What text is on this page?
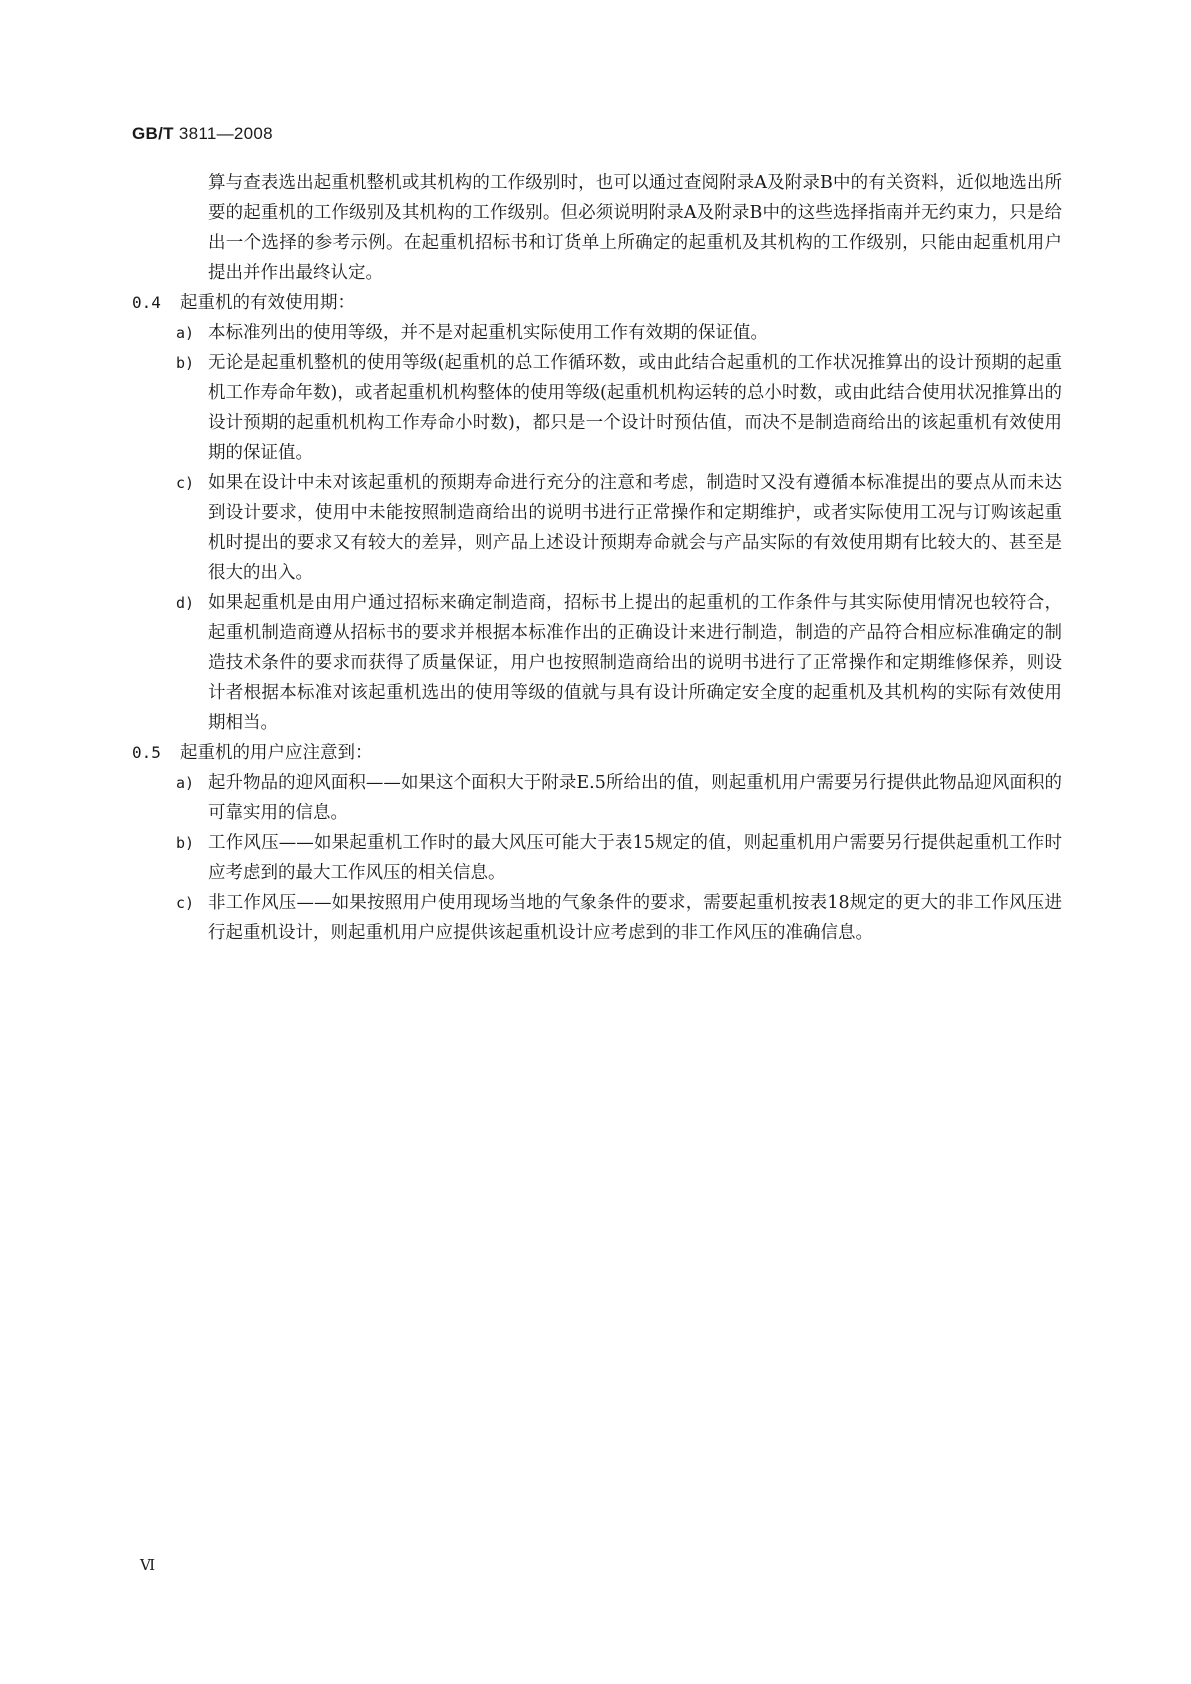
GB/T 3811—2008

算与查表选出起重机整机或其机构的工作级别时，也可以通过查阅附录A及附录B中的有关资料，近似地选出所要的起重机的工作级别及其机构的工作级别。但必须说明附录A及附录B中的这些选择指南并无约束力，只是给出一个选择的参考示例。在起重机招标书和订货单上所确定的起重机及其机构的工作级别，只能由起重机用户提出并作出最终认定。

0.4	起重机的有效使用期：
a) 本标准列出的使用等级，并不是对起重机实际使用工作有效期的保证值。
b) 无论是起重机整机的使用等级(起重机的总工作循环数，或由此结合起重机的工作状况推算出的设计预期的起重机工作寿命年数)，或者起重机机构整体的使用等级(起重机机构运转的总小时数，或由此结合使用状况推算出的设计预期的起重机机构工作寿命小时数)，都只是一个设计时预估值，而决不是制造商给出的该起重机有效使用期的保证值。
c) 如果在设计中未对该起重机的预期寿命进行充分的注意和考虑，制造时又没有遵循本标准提出的要点从而未达到设计要求，使用中未能按照制造商给出的说明书进行正常操作和定期维护，或者实际使用工况与订购该起重机时提出的要求又有较大的差异，则产品上述设计预期寿命就会与产品实际的有效使用期有比较大的、甚至是很大的出入。
d) 如果起重机是由用户通过招标来确定制造商，招标书上提出的起重机的工作条件与其实际使用情况也较符合，起重机制造商遵从招标书的要求并根据本标准作出的正确设计来进行制造，制造的产品符合相应标准确定的制造技术条件的要求而获得了质量保证，用户也按照制造商给出的说明书进行了正常操作和定期维修保养，则设计者根据本标准对该起重机选出的使用等级的值就与具有设计所确定安全度的起重机及其机构的实际有效使用期相当。
0.5	起重机的用户应注意到：
a) 起升物品的迎风面积——如果这个面积大于附录E.5所给出的值，则起重机用户需要另行提供此物品迎风面积的可靠实用的信息。
b) 工作风压——如果起重机工作时的最大风压可能大于表15规定的值，则起重机用户需要另行提供起重机工作时应考虑到的最大工作风压的相关信息。
c) 非工作风压——如果按照用户使用现场当地的气象条件的要求，需要起重机按表18规定的更大的非工作风压进行起重机设计，则起重机用户应提供该起重机设计应考虑到的非工作风压的准确信息。
Ⅵ
